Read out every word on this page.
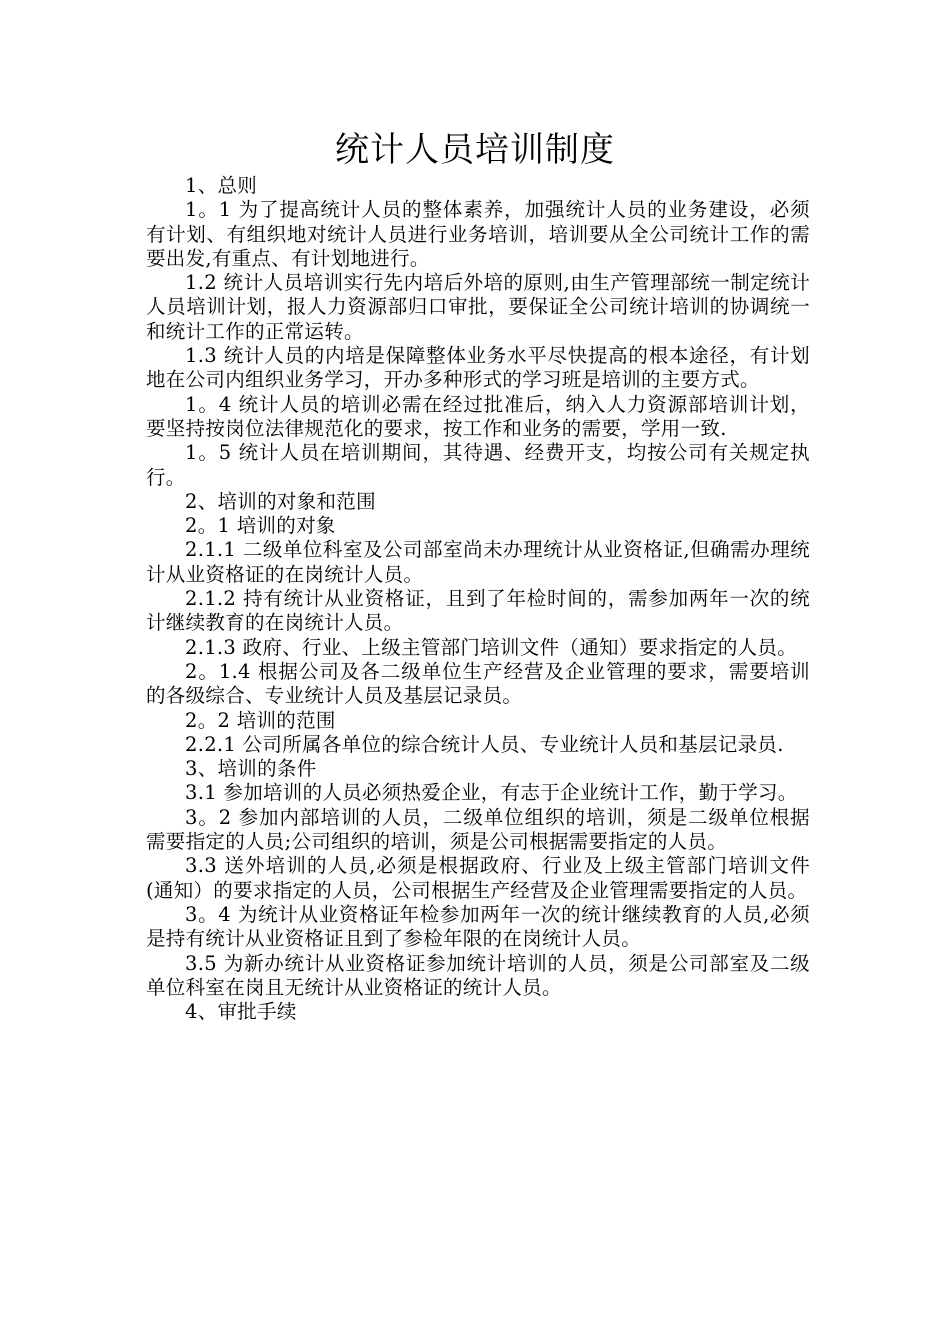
统计人员培训制度

1、总则

1。1 为了提高统计人员的整体素养，加强统计人员的业务建设，必须有计划、有组织地对统计人员进行业务培训，培训要从全公司统计工作的需要出发,有重点、有计划地进行。

1.2 统计人员培训实行先内培后外培的原则,由生产管理部统一制定统计人员培训计划，报人力资源部归口审批，要保证全公司统计培训的协调统一和统计工作的正常运转。

1.3 统计人员的内培是保障整体业务水平尽快提高的根本途径，有计划地在公司内组织业务学习，开办多种形式的学习班是培训的主要方式。

1。4 统计人员的培训必需在经过批准后，纳入人力资源部培训计划，要坚持按岗位法律规范化的要求，按工作和业务的需要，学用一致.

1。5 统计人员在培训期间，其待遇、经费开支，均按公司有关规定执行。

2、培训的对象和范围

2。1 培训的对象

2.1.1 二级单位科室及公司部室尚未办理统计从业资格证,但确需办理统计从业资格证的在岗统计人员。

2.1.2 持有统计从业资格证，且到了年检时间的，需参加两年一次的统计继续教育的在岗统计人员。

2.1.3 政府、行业、上级主管部门培训文件（通知）要求指定的人员。

2。1.4 根据公司及各二级单位生产经营及企业管理的要求，需要培训的各级综合、专业统计人员及基层记录员。

2。2 培训的范围

2.2.1 公司所属各单位的综合统计人员、专业统计人员和基层记录员.

3、培训的条件

3.1 参加培训的人员必须热爱企业，有志于企业统计工作，勤于学习。

3。2 参加内部培训的人员，二级单位组织的培训，须是二级单位根据需要指定的人员;公司组织的培训，须是公司根据需要指定的人员。

3.3 送外培训的人员,必须是根据政府、行业及上级主管部门培训文件(通知）的要求指定的人员，公司根据生产经营及企业管理需要指定的人员。

3。4 为统计从业资格证年检参加两年一次的统计继续教育的人员,必须是持有统计从业资格证且到了参检年限的在岗统计人员。

3.5 为新办统计从业资格证参加统计培训的人员，须是公司部室及二级单位科室在岗且无统计从业资格证的统计人员。

4、审批手续
